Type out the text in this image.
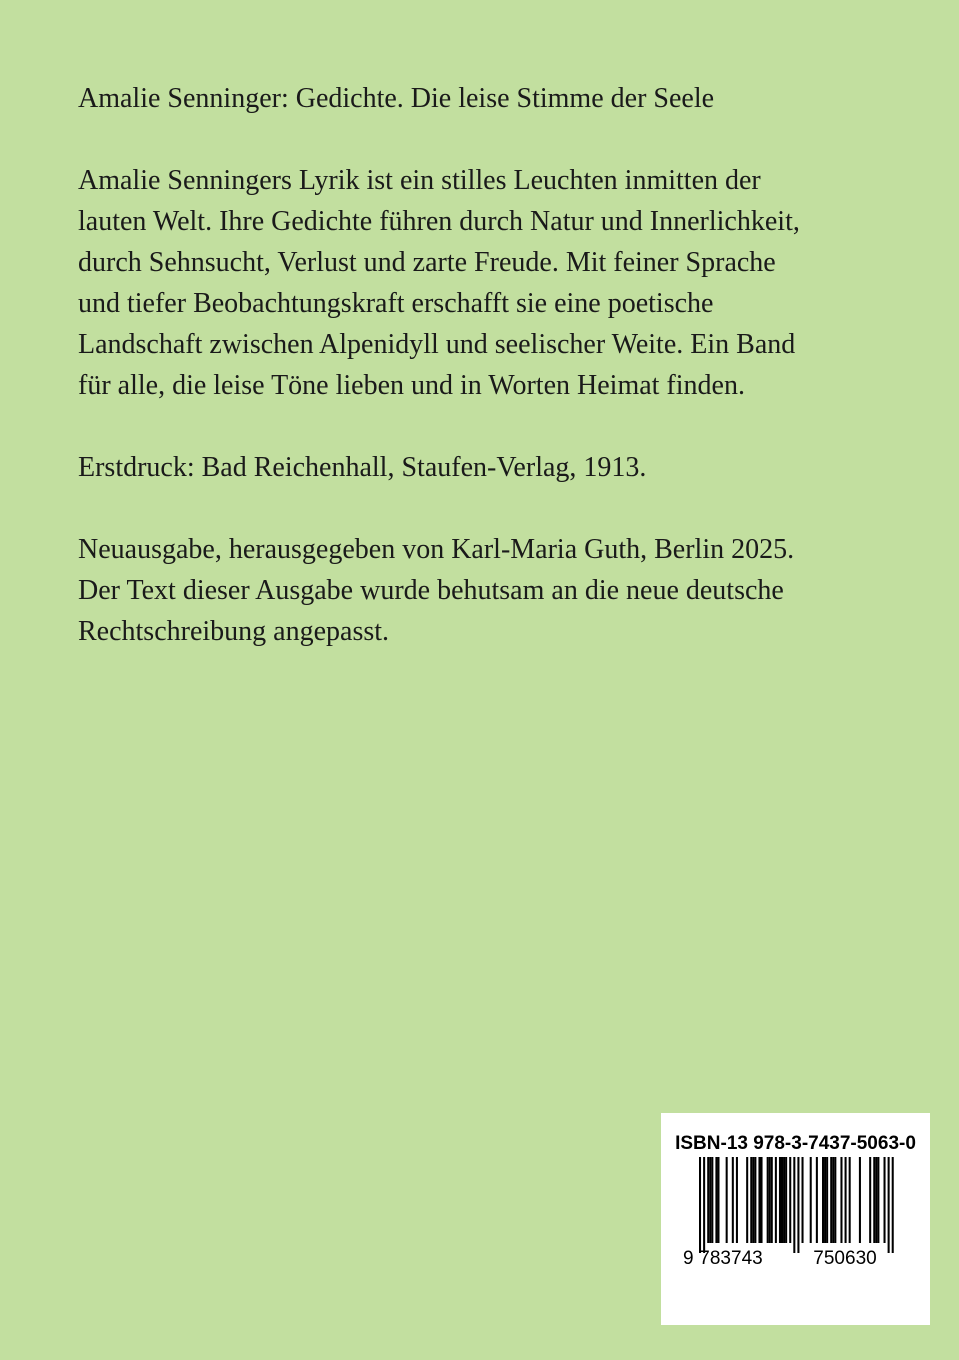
Amalie Senninger: Gedichte. Die leise Stimme der Seele

Amalie Senningers Lyrik ist ein stilles Leuchten inmitten der
lauten Welt. Ihre Gedichte führen durch Natur und Innerlichkeit,
durch Sehnsucht, Verlust und zarte Freude. Mit feiner Sprache
und tiefer Beobachtungskraft erschafft sie eine poetische
Landschaft zwischen Alpenidyll und seelischer Weite. Ein Band
für alle, die leise Töne lieben und in Worten Heimat finden.

Erstdruck: Bad Reichenhall, Staufen-Verlag, 1913.

Neuausgabe, herausgegeben von Karl-Maria Guth, Berlin 2025.
Der Text dieser Ausgabe wurde behutsam an die neue deutsche
Rechtschreibung angepasst.

ISBN-13 978-3-7437-5063-0
9 783743	750630
